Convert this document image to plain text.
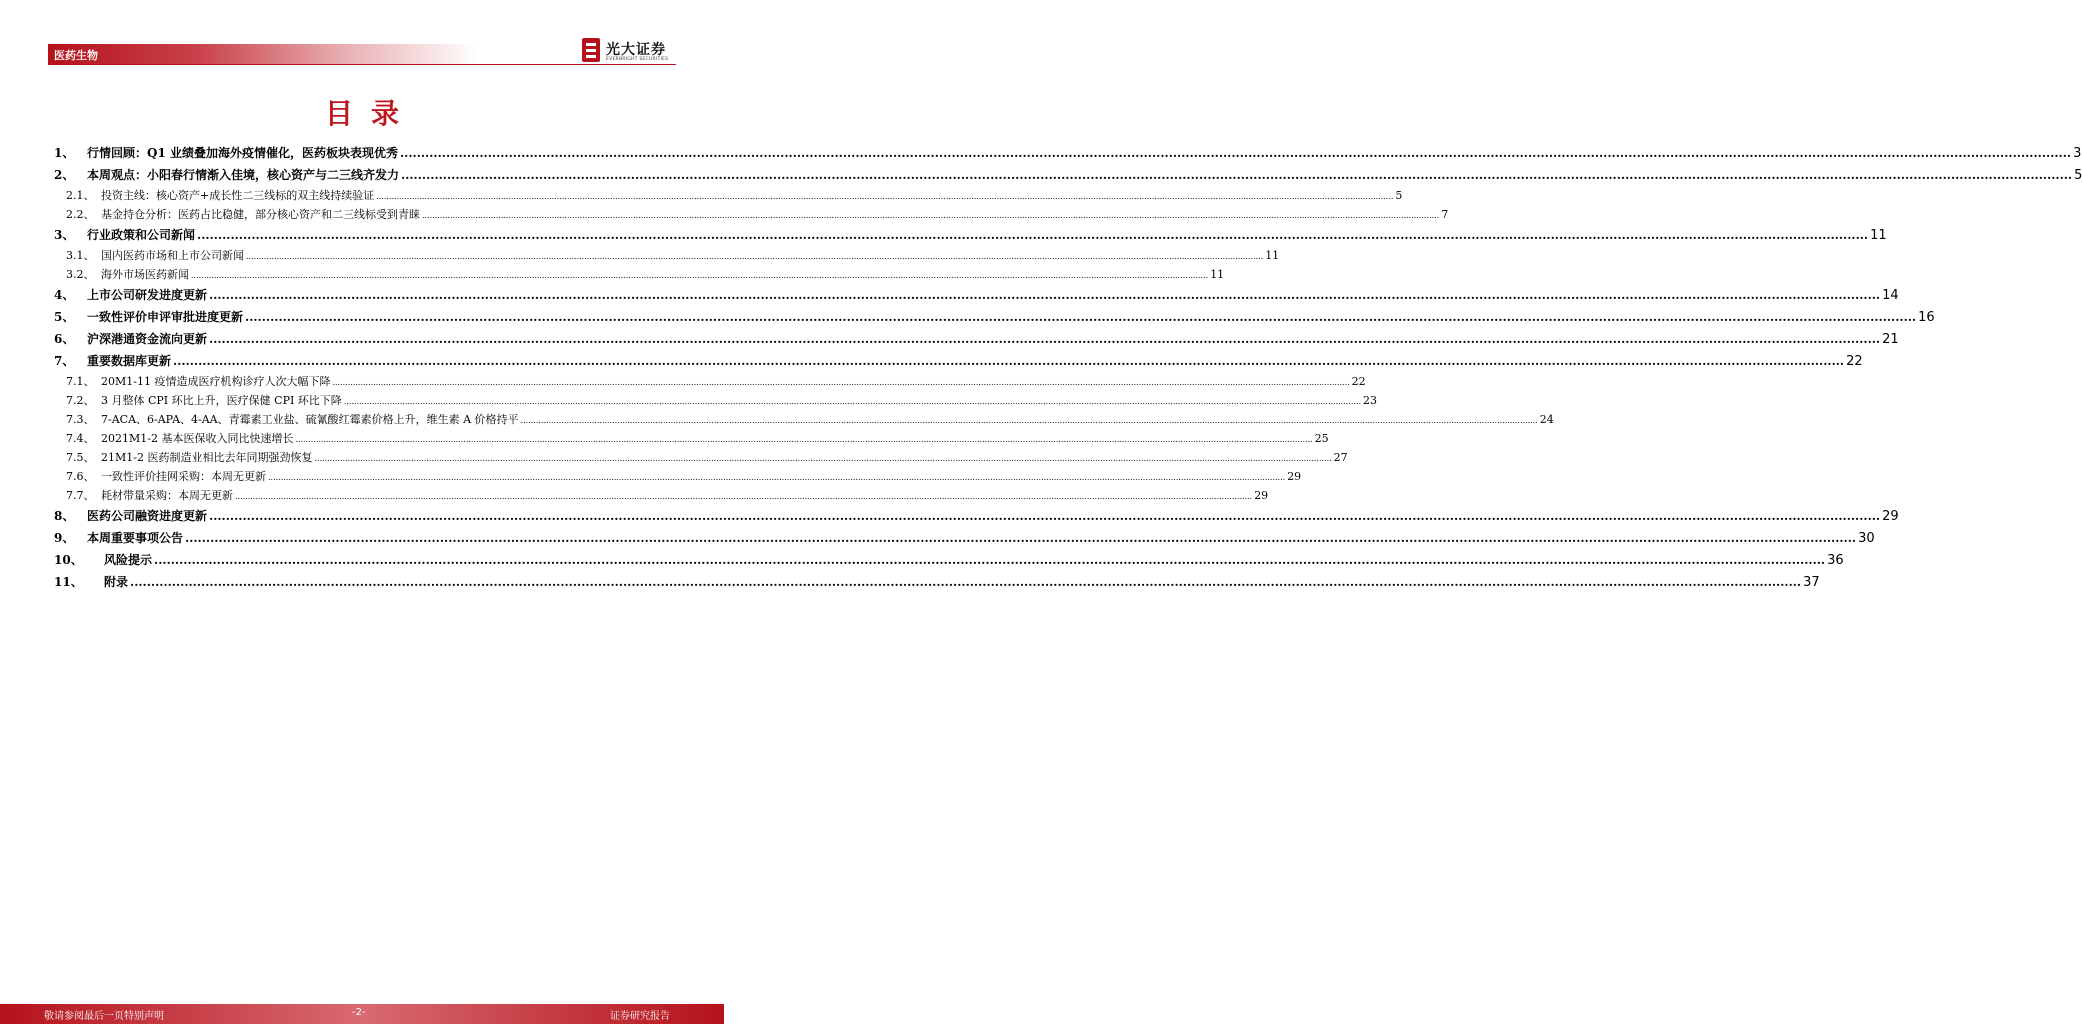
医药生物	光大证券
EVERBRIGHT SECURITIES
目录
1、	行情回顾：Q1 业绩叠加海外疫情催化，医药板块表现优秀 ................................................................................................................................................................................................................................................................................................................................................................................................................ 3
2、	本周观点：小阳春行情渐入佳境，核心资产与二三线齐发力 ................................................................................................................................................................................................................................................................................................................................................................................................................ 5
2.1、 投资主线：核心资产+成长性二三线标的双主线持续验证 ................................................................................................................................................................................................................................................................................................................................................................................................................ 5
2.2、 基金持仓分析：医药占比稳健，部分核心资产和二三线标受到青睐 ................................................................................................................................................................................................................................................................................................................................................................................................................ 7
3、	行业政策和公司新闻 ................................................................................................................................................................................................................................................................................................................................................................................................................ 11
3.1、 国内医药市场和上市公司新闻 ................................................................................................................................................................................................................................................................................................................................................................................................................ 11
3.2、 海外市场医药新闻 ................................................................................................................................................................................................................................................................................................................................................................................................................ 11
4、	上市公司研发进度更新 ................................................................................................................................................................................................................................................................................................................................................................................................................ 14
5、	一致性评价申评审批进度更新 ................................................................................................................................................................................................................................................................................................................................................................................................................ 16
6、	沪深港通资金流向更新 ................................................................................................................................................................................................................................................................................................................................................................................................................ 21
7、	重要数据库更新 ................................................................................................................................................................................................................................................................................................................................................................................................................ 22
7.1、 20M1-11 疫情造成医疗机构诊疗人次大幅下降 ................................................................................................................................................................................................................................................................................................................................................................................................................ 22
7.2、 3 月整体 CPI 环比上升，医疗保健 CPI 环比下降 ................................................................................................................................................................................................................................................................................................................................................................................................................ 23
7.3、 7-ACA、6-APA、4-AA、青霉素工业盐、硫氰酸红霉素价格上升，维生素 A 价格持平 ................................................................................................................................................................................................................................................................................................................................................................................................................ 24
7.4、 2021M1-2 基本医保收入同比快速增长 ................................................................................................................................................................................................................................................................................................................................................................................................................ 25
7.5、 21M1-2 医药制造业相比去年同期强劲恢复 ................................................................................................................................................................................................................................................................................................................................................................................................................ 27
7.6、 一致性评价挂网采购：本周无更新 ................................................................................................................................................................................................................................................................................................................................................................................................................ 29
7.7、 耗材带量采购：本周无更新 ................................................................................................................................................................................................................................................................................................................................................................................................................ 29
8、	医药公司融资进度更新 ................................................................................................................................................................................................................................................................................................................................................................................................................ 29
9、	本周重要事项公告 ................................................................................................................................................................................................................................................................................................................................................................................................................ 30
10、	风险提示 ................................................................................................................................................................................................................................................................................................................................................................................................................ 36
11、	附录 ................................................................................................................................................................................................................................................................................................................................................................................................................ 37
敬请参阅最后一页特别声明	-2-	证券研究报告
